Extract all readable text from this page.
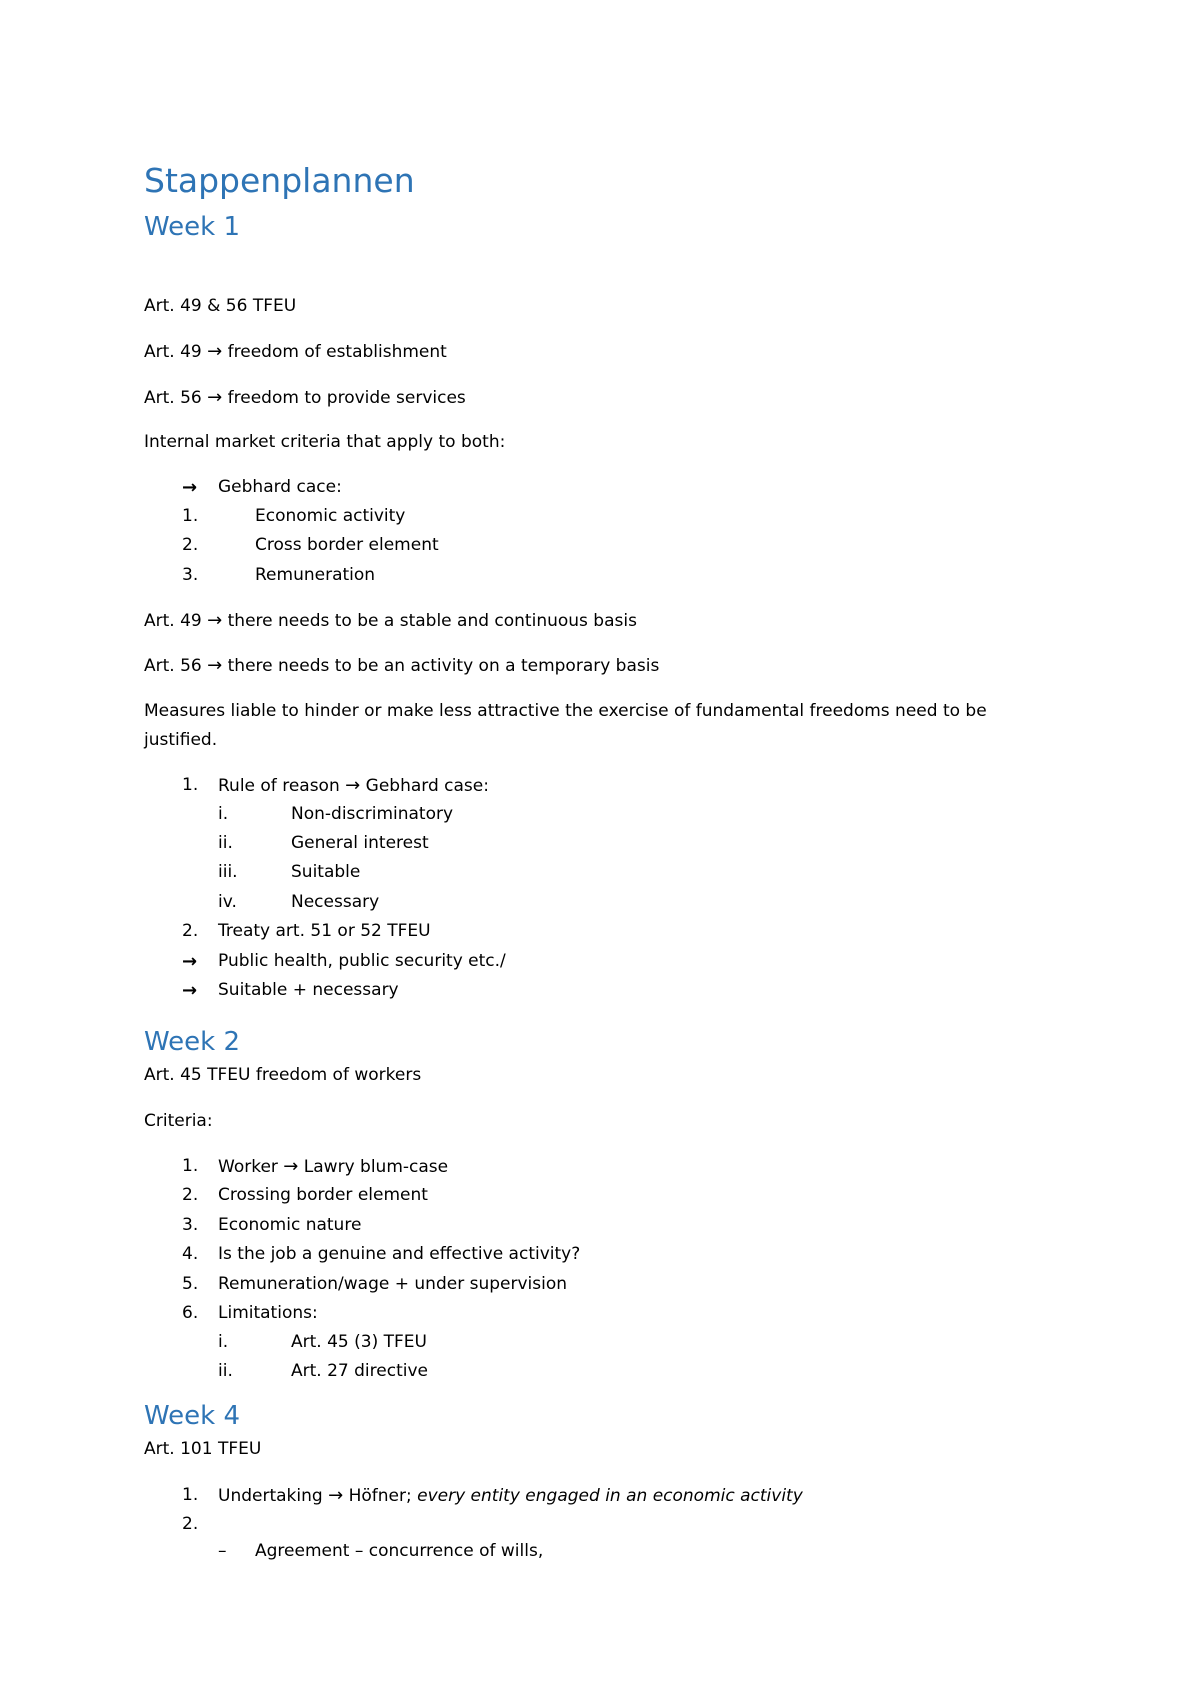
Stappenplannen
Week 1
Art. 49 & 56 TFEU
Art. 49 → freedom of establishment
Art. 56 → freedom to provide services
Internal market criteria that apply to both:
→ Gebhard cace:
1.	Economic activity
2.	Cross border element
3.	Remuneration
Art. 49 → there needs to be a stable and continuous basis
Art. 56 → there needs to be an activity on a temporary basis
Measures liable to hinder or make less attractive the exercise of fundamental freedoms need to be justified.
1. Rule of reason → Gebhard case:
i.	Non-discriminatory
ii.	General interest
iii.	Suitable
iv.	Necessary
2. Treaty art. 51 or 52 TFEU
→ Public health, public security etc./
→ Suitable + necessary
Week 2
Art. 45 TFEU freedom of workers
Criteria:
1. Worker → Lawry blum-case
2. Crossing border element
3. Economic nature
4. Is the job a genuine and effective activity?
5. Remuneration/wage + under supervision
6. Limitations:
i.	Art. 45 (3) TFEU
ii.	Art. 27 directive
Week 4
Art. 101 TFEU
1. Undertaking → Höfner; every entity engaged in an economic activity
2.
– Agreement – concurrence of wills,
